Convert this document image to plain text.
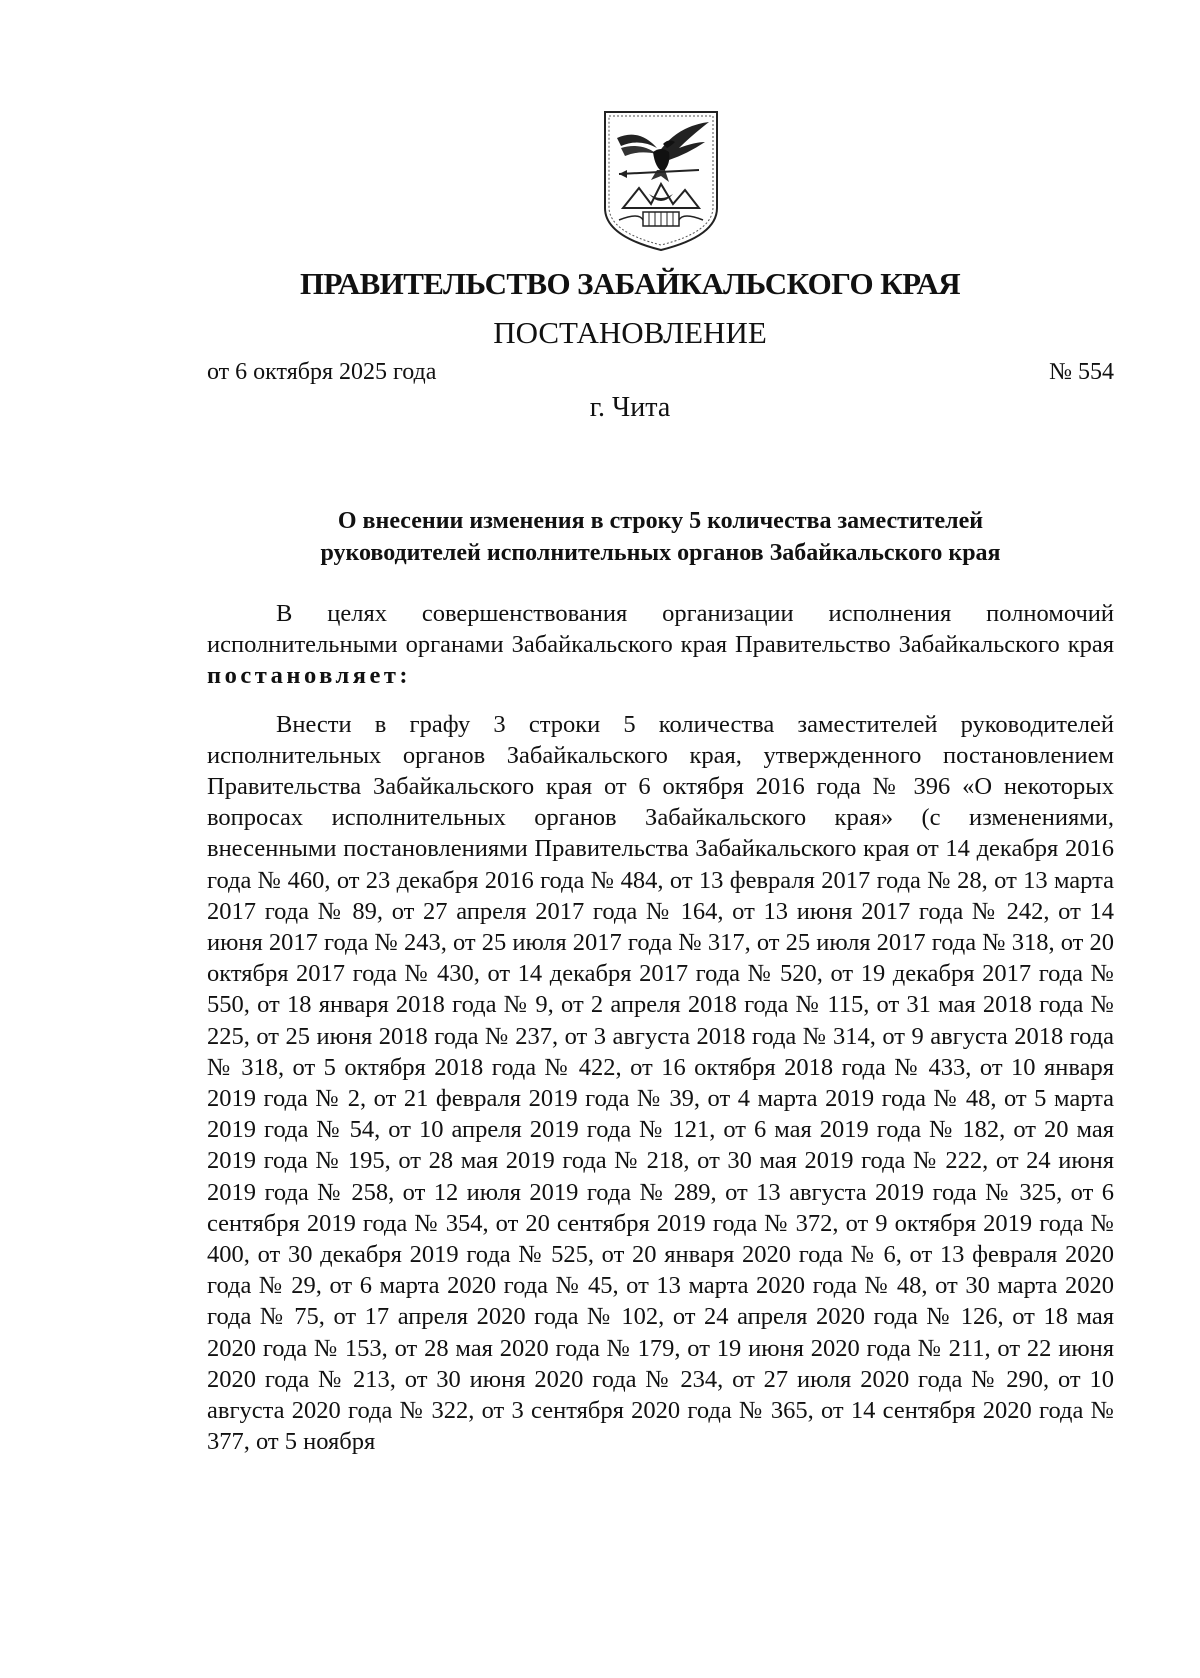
ПРАВИТЕЛЬСТВО ЗАБАЙКАЛЬСКОГО КРАЯ
ПОСТАНОВЛЕНИЕ
от 6 октября 2025 года	№ 554
г. Чита
О внесении изменения в строку 5 количества заместителей
руководителей исполнительных органов Забайкальского края

В целях совершенствования организации исполнения полномочий исполнительными органами Забайкальского края Правительство Забайкальского края постановляет:

Внести в графу 3 строки 5 количества заместителей руководителей исполнительных органов Забайкальского края, утвержденного постановлением Правительства Забайкальского края от 6 октября 2016 года № 396 «О некоторых вопросах исполнительных органов Забайкальского края» (с изменениями, внесенными постановлениями Правительства Забайкальского края от 14 декабря 2016 года № 460, от 23 декабря 2016 года № 484, от 13 февраля 2017 года № 28, от 13 марта 2017 года № 89, от 27 апреля 2017 года № 164, от 13 июня 2017 года № 242, от 14 июня 2017 года № 243, от 25 июля 2017 года № 317, от 25 июля 2017 года № 318, от 20 октября 2017 года № 430, от 14 декабря 2017 года № 520, от 19 декабря 2017 года № 550, от 18 января 2018 года № 9, от 2 апреля 2018 года № 115, от 31 мая 2018 года № 225, от 25 июня 2018 года № 237, от 3 августа 2018 года № 314, от 9 августа 2018 года № 318, от 5 октября 2018 года № 422, от 16 октября 2018 года № 433, от 10 января 2019 года № 2, от 21 февраля 2019 года № 39, от 4 марта 2019 года № 48, от 5 марта 2019 года № 54, от 10 апреля 2019 года № 121, от 6 мая 2019 года № 182, от 20 мая 2019 года № 195, от 28 мая 2019 года № 218, от 30 мая 2019 года № 222, от 24 июня 2019 года № 258, от 12 июля 2019 года № 289, от 13 августа 2019 года № 325, от 6 сентября 2019 года № 354, от 20 сентября 2019 года № 372, от 9 октября 2019 года № 400, от 30 декабря 2019 года № 525, от 20 января 2020 года № 6, от 13 февраля 2020 года № 29, от 6 марта 2020 года № 45, от 13 марта 2020 года № 48, от 30 марта 2020 года № 75, от 17 апреля 2020 года № 102, от 24 апреля 2020 года № 126, от 18 мая 2020 года № 153, от 28 мая 2020 года № 179, от 19 июня 2020 года № 211, от 22 июня 2020 года № 213, от 30 июня 2020 года № 234, от 27 июля 2020 года № 290, от 10 августа 2020 года № 322, от 3 сентября 2020 года № 365, от 14 сентября 2020 года № 377, от 5 ноября
